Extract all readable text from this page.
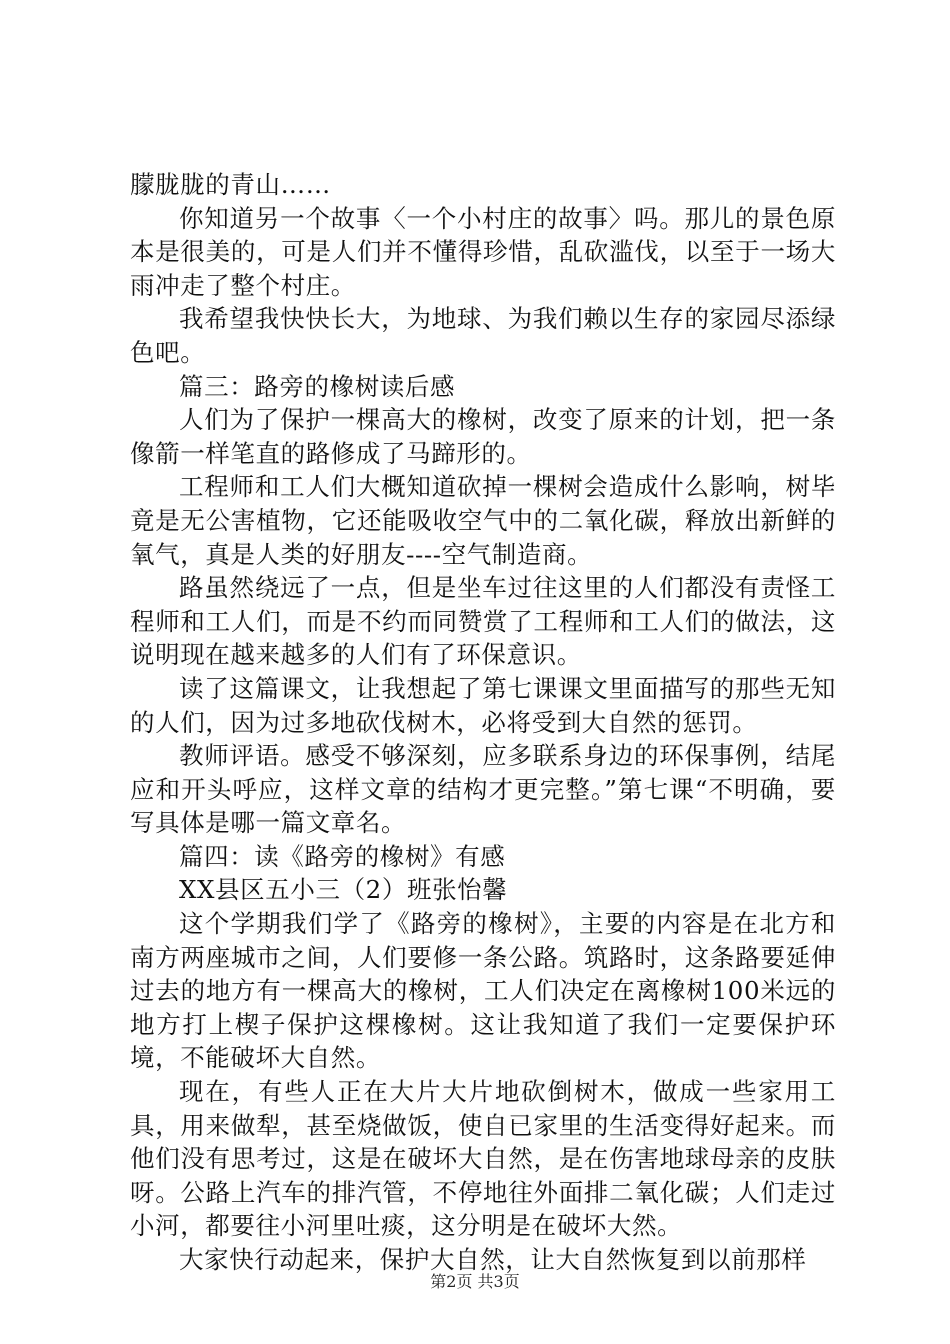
朦胧胧的青山……

你知道另一个故事〈一个小村庄的故事〉吗。那儿的景色原本是很美的，可是人们并不懂得珍惜，乱砍滥伐，以至于一场大雨冲走了整个村庄。

我希望我快快长大，为地球、为我们赖以生存的家园尽添绿色吧。

篇三：路旁的橡树读后感

人们为了保护一棵高大的橡树，改变了原来的计划，把一条像箭一样笔直的路修成了马蹄形的。

工程师和工人们大概知道砍掉一棵树会造成什么影响，树毕竟是无公害植物，它还能吸收空气中的二氧化碳，释放出新鲜的氧气，真是人类的好朋友----空气制造商。

路虽然绕远了一点，但是坐车过往这里的人们都没有责怪工程师和工人们，而是不约而同赞赏了工程师和工人们的做法，这说明现在越来越多的人们有了环保意识。

读了这篇课文，让我想起了第七课课文里面描写的那些无知的人们，因为过多地砍伐树木，必将受到大自然的惩罚。

教师评语。感受不够深刻，应多联系身边的环保事例，结尾应和开头呼应，这样文章的结构才更完整。”第七课“不明确，要写具体是哪一篇文章名。

篇四：读《路旁的橡树》有感

XX县区五小三（2）班张怡馨

这个学期我们学了《路旁的橡树》，主要的内容是在北方和南方两座城市之间，人们要修一条公路。筑路时，这条路要延伸过去的地方有一棵高大的橡树，工人们决定在离橡树100米远的地方打上楔子保护这棵橡树。这让我知道了我们一定要保护环境，不能破坏大自然。

现在，有些人正在大片大片地砍倒树木，做成一些家用工具，用来做犁，甚至烧做饭，使自已家里的生活变得好起来。而他们没有思考过，这是在破坏大自然，是在伤害地球母亲的皮肤呀。公路上汽车的排汽管，不停地往外面排二氧化碳；人们走过小河，都要往小河里吐痰，这分明是在破坏大然。

大家快行动起来，保护大自然，让大自然恢复到以前那样

第2页 共3页
